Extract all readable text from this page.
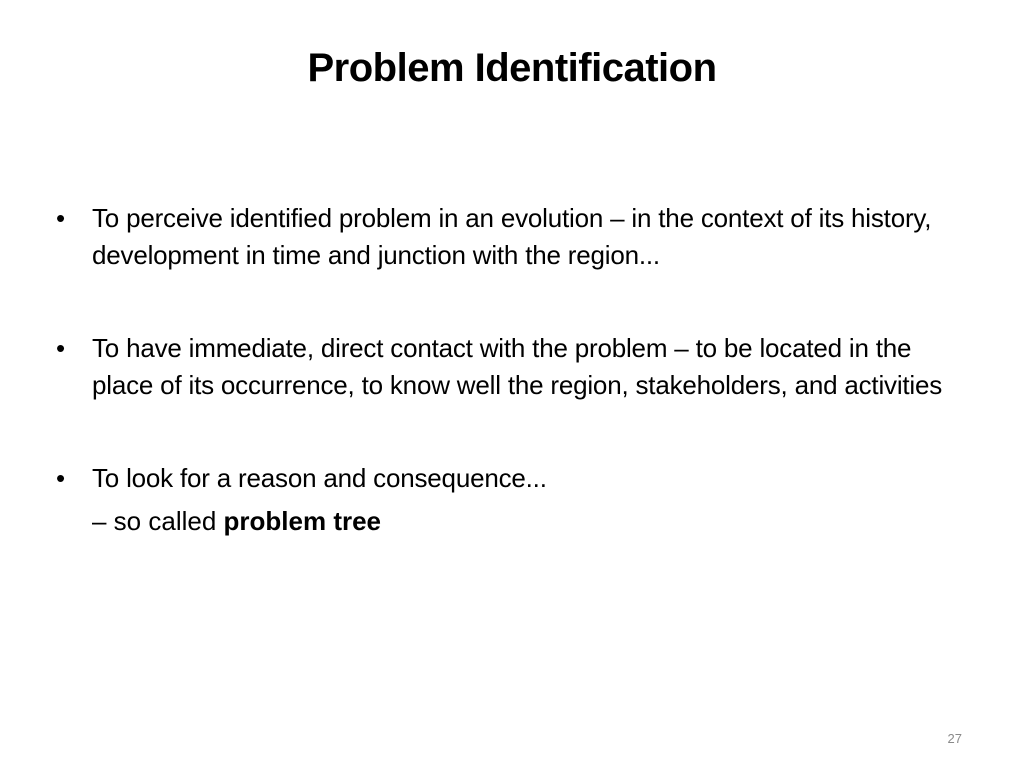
Problem Identification
•	To perceive identified problem in an evolution – in the context of its history, development in time and junction with the region...
•	To have immediate, direct contact with the problem – to be located in the place of its occurrence, to know well the region, stakeholders, and activities
•	To look for a reason and consequence...
– so called problem tree
27
